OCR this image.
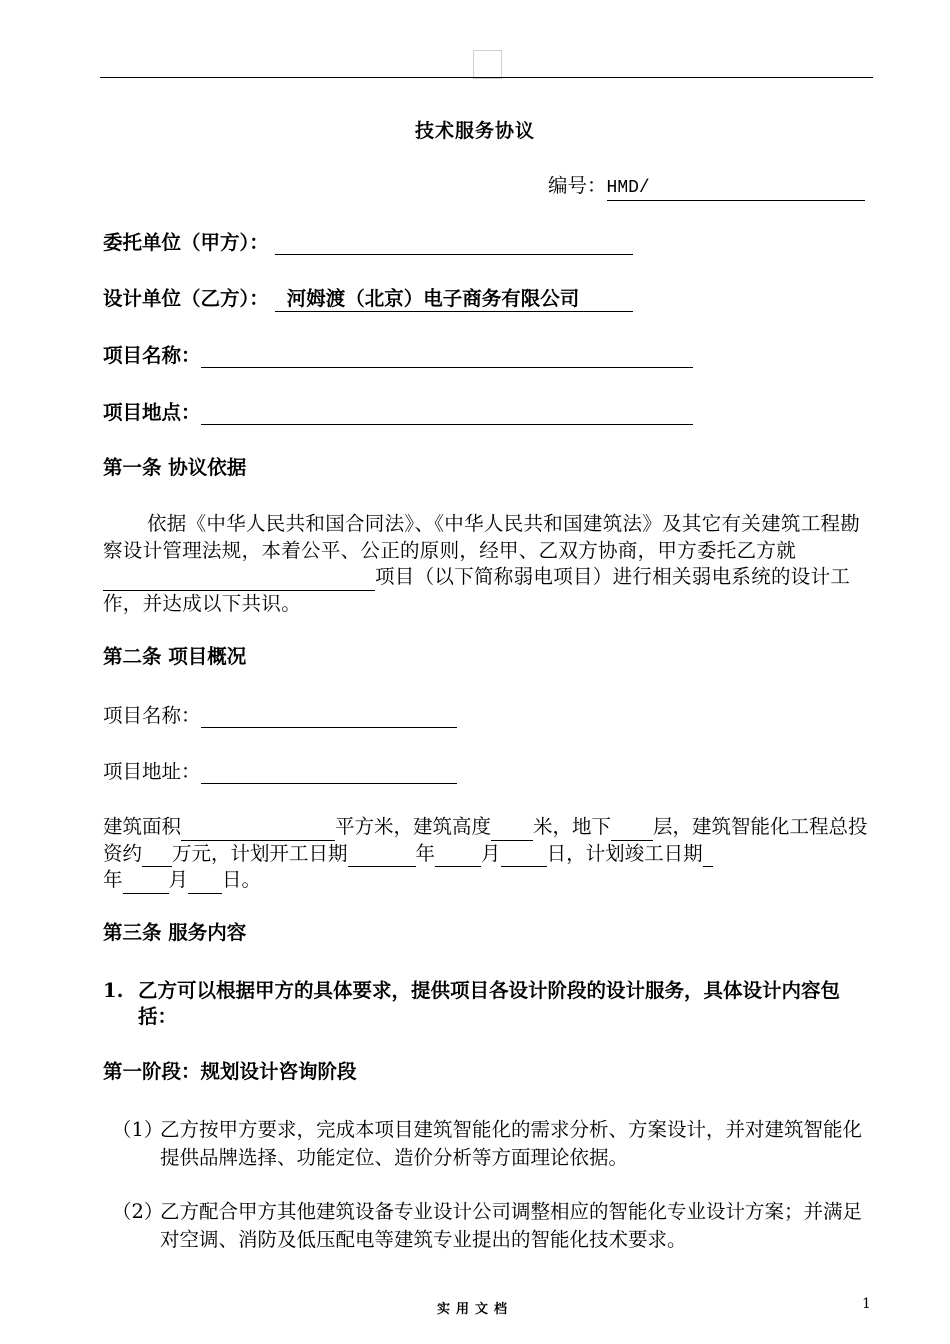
技术服务协议
编号：HMD/
委托单位（甲方）：
设计单位（乙方）： 河姆渡（北京）电子商务有限公司
项目名称：
项目地点：
第一条 协议依据
依据《中华人民共和国合同法》、《中华人民共和国建筑法》及其它有关建筑工程勘察设计管理法规，本着公平、公正的原则，经甲、乙双方协商，甲方委托乙方就项目（以下简称弱电项目）进行相关弱电系统的设计工作，并达成以下共识。
第二条 项目概况
项目名称：
项目地址：
建筑面积	平方米，建筑高度 米，地下 层，建筑智能化工程总投资约 万元，计划开工日期	年 月 日，计划竣工日期
年 月 日。
第三条 服务内容
1. 乙方可以根据甲方的具体要求，提供项目各设计阶段的设计服务，具体设计内容包括：
第一阶段：规划设计咨询阶段
（1）
乙方按甲方要求，完成本项目建筑智能化的需求分析、方案设计，并对建筑智能化提供品牌选择、功能定位、造价分析等方面理论依据。
（2）
乙方配合甲方其他建筑设备专业设计公司调整相应的智能化专业设计方案；并满足对空调、消防及低压配电等建筑专业提出的智能化技术要求。
实用文档	1
